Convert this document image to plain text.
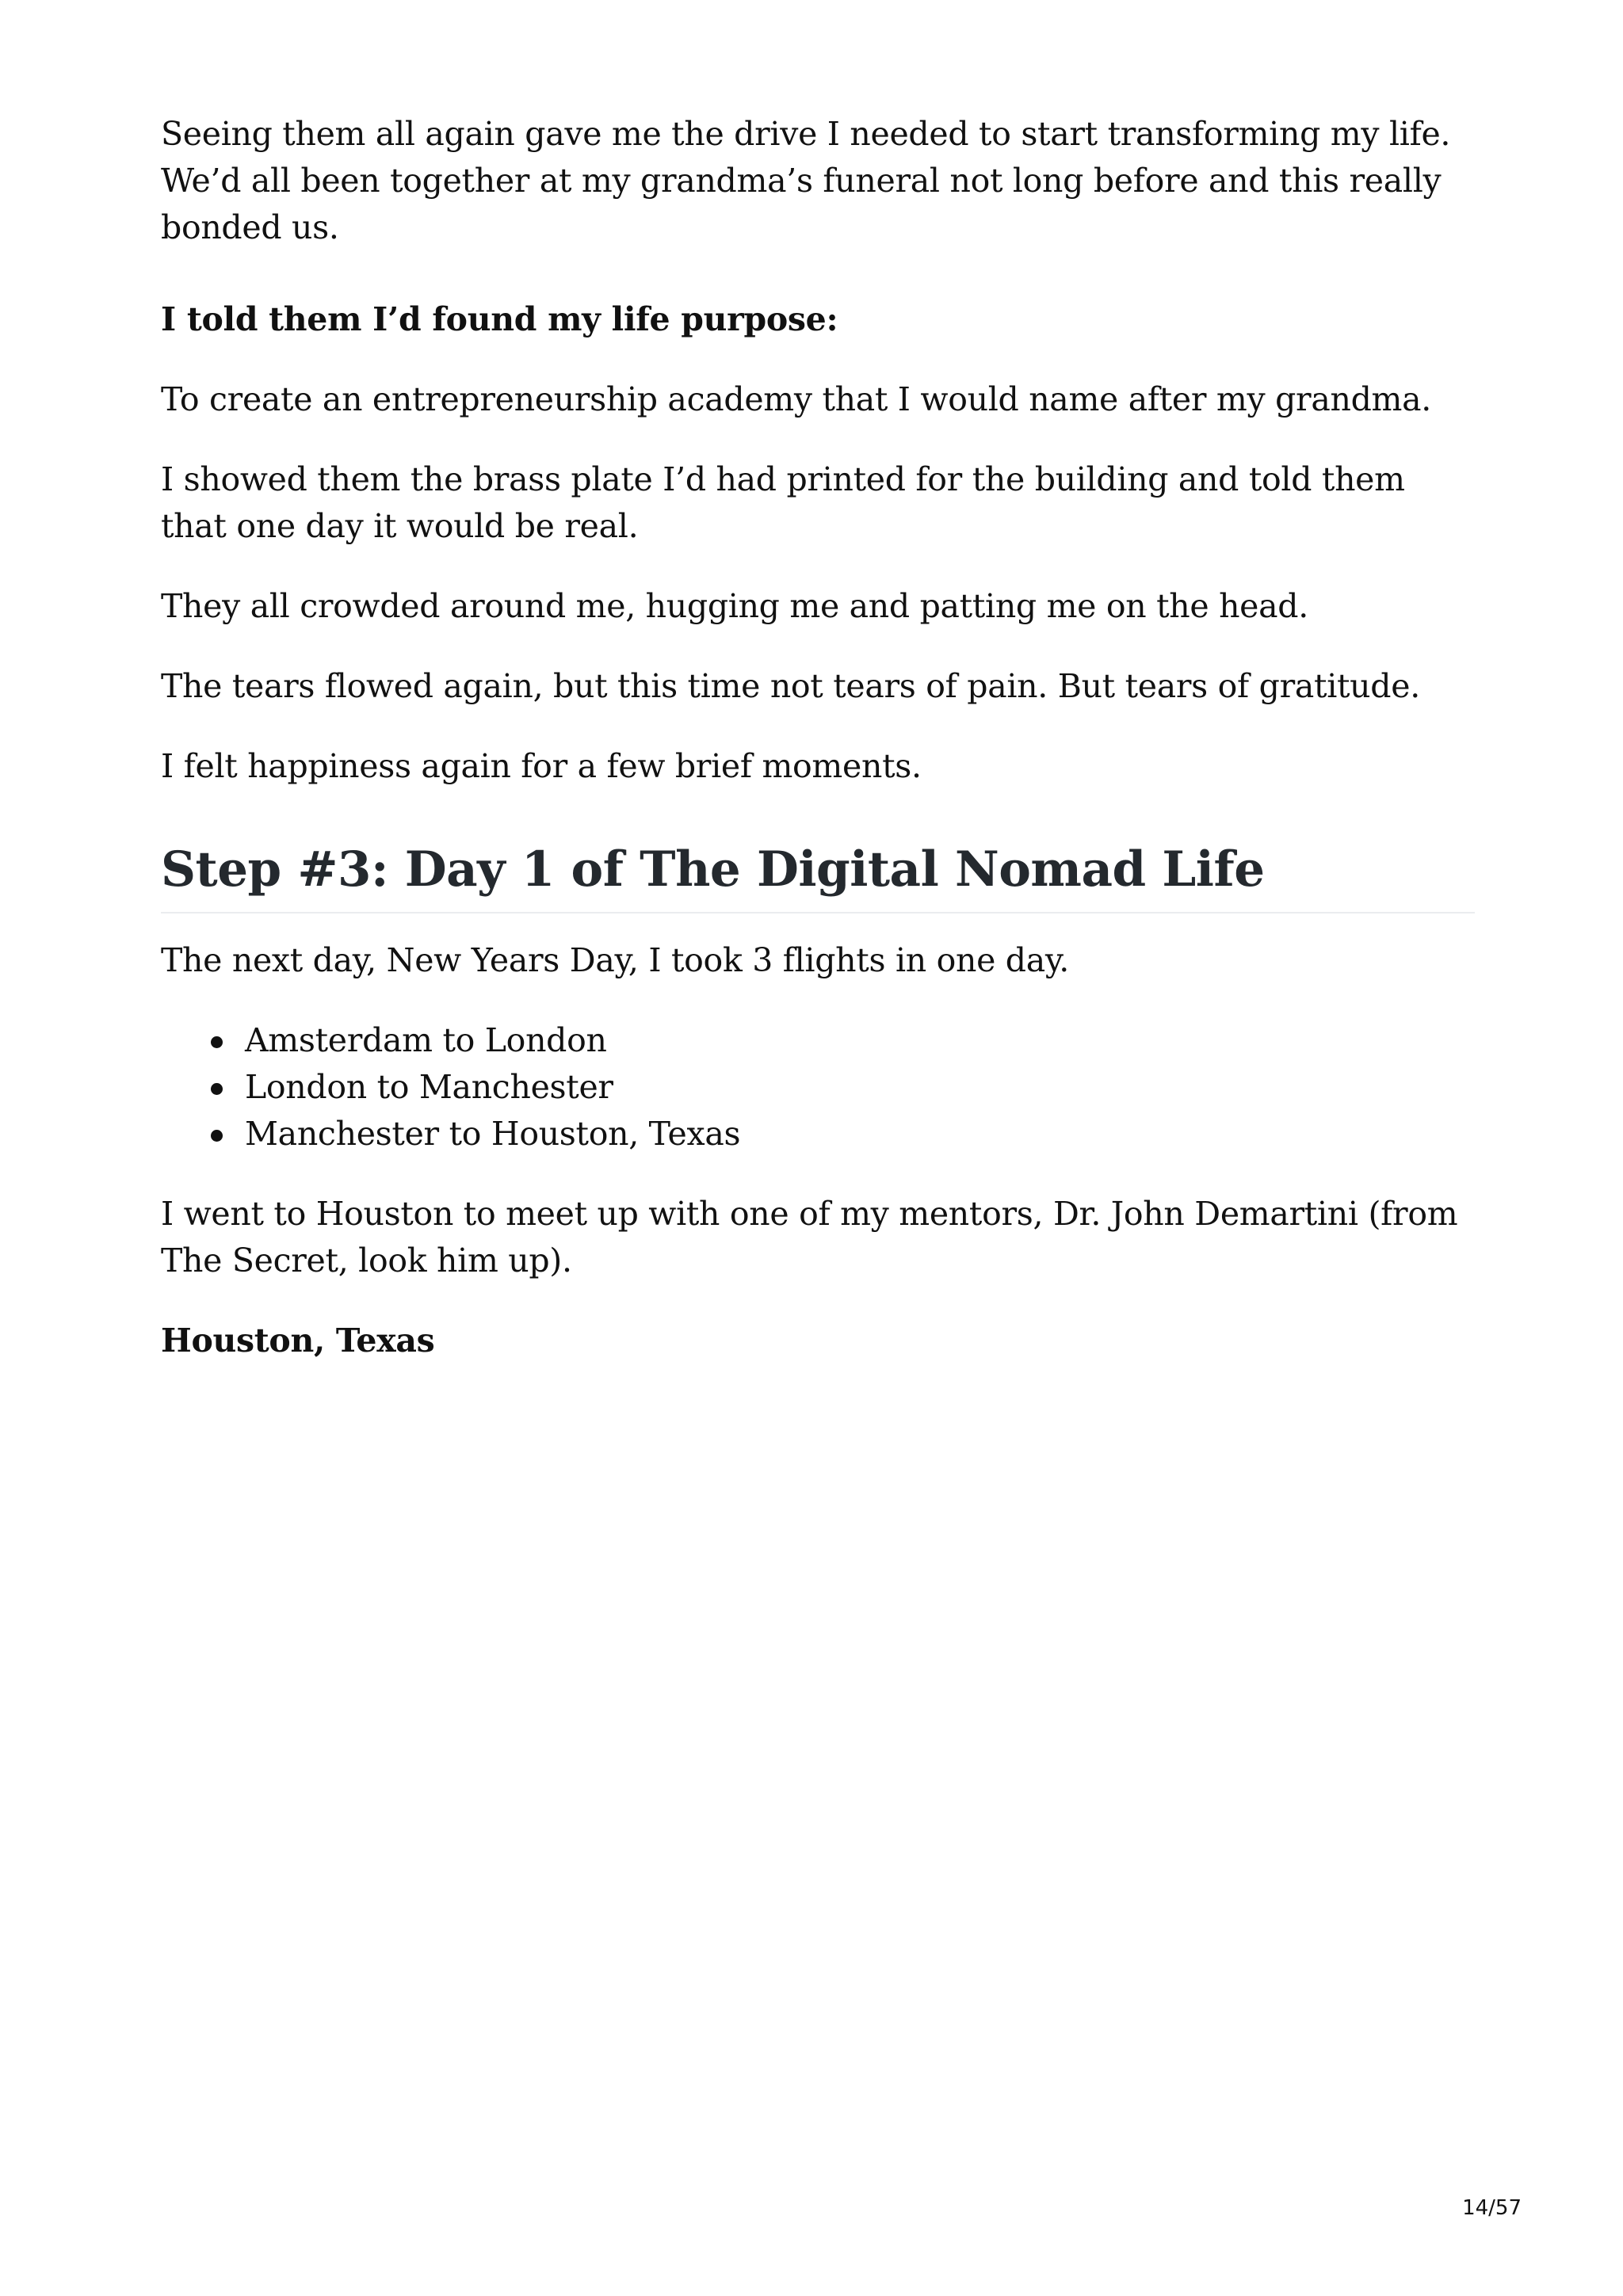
Seeing them all again gave me the drive I needed to start transforming my life. We’d all been together at my grandma’s funeral not long before and this really bonded us.

I told them I’d found my life purpose:

To create an entrepreneurship academy that I would name after my grandma.

I showed them the brass plate I’d had printed for the building and told them that one day it would be real.

They all crowded around me, hugging me and patting me on the head.

The tears flowed again, but this time not tears of pain. But tears of gratitude.

I felt happiness again for a few brief moments.

Step #3: Day 1 of The Digital Nomad Life

The next day, New Years Day, I took 3 flights in one day.

Amsterdam to London
London to Manchester
Manchester to Houston, Texas

I went to Houston to meet up with one of my mentors, Dr. John Demartini (from The Secret, look him up).

Houston, Texas

14/57
